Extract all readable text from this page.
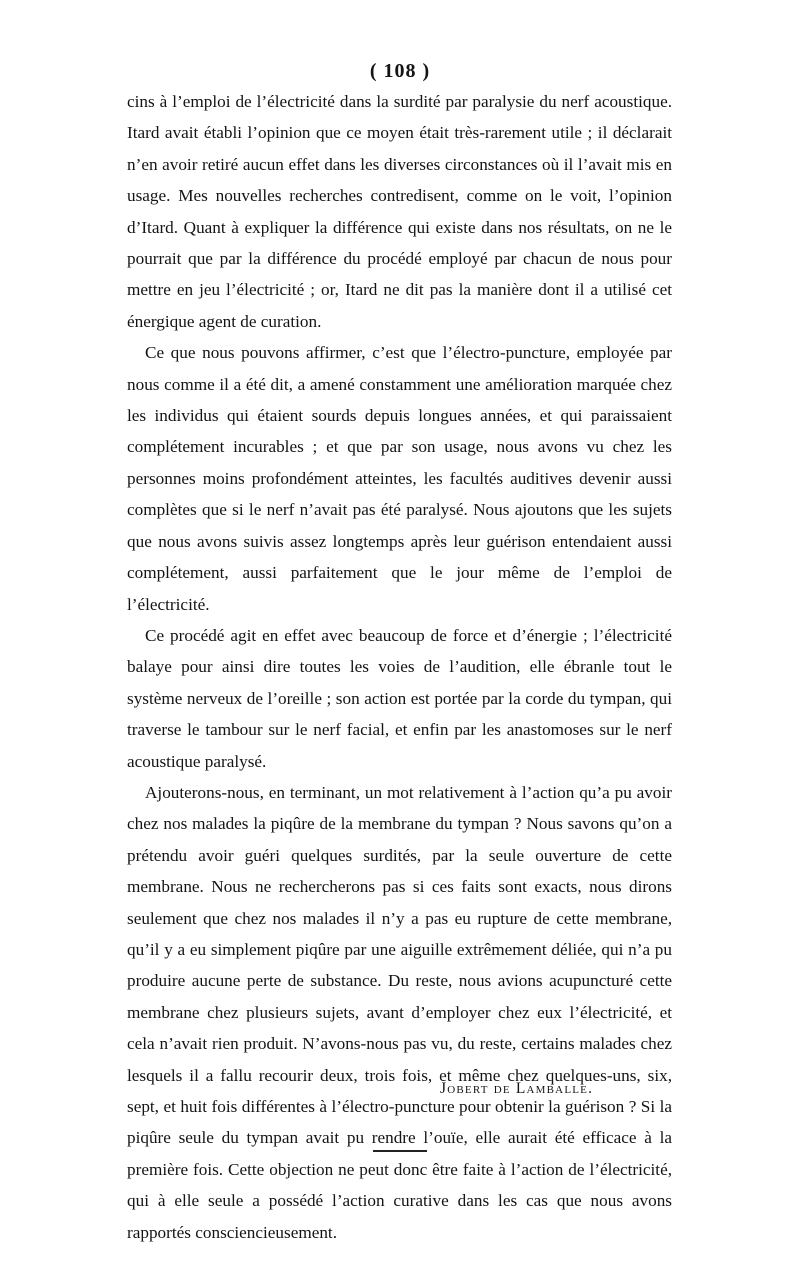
( 108 )

cins à l’emploi de l’électricité dans la surdité par paralysie du nerf acoustique. Itard avait établi l’opinion que ce moyen était très-rarement utile ; il déclarait n’en avoir retiré aucun effet dans les diverses circonstances où il l’avait mis en usage. Mes nouvelles recherches contredisent, comme on le voit, l’opinion d’Itard. Quant à expliquer la différence qui existe dans nos résultats, on ne le pourrait que par la différence du procédé employé par chacun de nous pour mettre en jeu l’électricité ; or, Itard ne dit pas la manière dont il a utilisé cet énergique agent de curation.

Ce que nous pouvons affirmer, c’est que l’électro-puncture, employée par nous comme il a été dit, a amené constamment une amélioration marquée chez les individus qui étaient sourds depuis longues années, et qui paraissaient complétement incurables ; et que par son usage, nous avons vu chez les personnes moins profondément atteintes, les facultés auditives devenir aussi complètes que si le nerf n’avait pas été paralysé. Nous ajoutons que les sujets que nous avons suivis assez longtemps après leur guérison entendaient aussi complétement, aussi parfaitement que le jour même de l’emploi de l’électricité.

Ce procédé agit en effet avec beaucoup de force et d’énergie ; l’électricité balaye pour ainsi dire toutes les voies de l’audition, elle ébranle tout le système nerveux de l’oreille ; son action est portée par la corde du tympan, qui traverse le tambour sur le nerf facial, et enfin par les anastomoses sur le nerf acoustique paralysé.

Ajouterons-nous, en terminant, un mot relativement à l’action qu’a pu avoir chez nos malades la piqûre de la membrane du tympan ? Nous savons qu’on a prétendu avoir guéri quelques surdités, par la seule ouverture de cette membrane. Nous ne rechercherons pas si ces faits sont exacts, nous dirons seulement que chez nos malades il n’y a pas eu rupture de cette membrane, qu’il y a eu simplement piqûre par une aiguille extrêmement déliée, qui n’a pu produire aucune perte de substance. Du reste, nous avions acupuncturé cette membrane chez plusieurs sujets, avant d’employer chez eux l’électricité, et cela n’avait rien produit. N’avons-nous pas vu, du reste, certains malades chez lesquels il a fallu recourir deux, trois fois, et même chez quelques-uns, six, sept, et huit fois différentes à l’électro-puncture pour obtenir la guérison ? Si la piqûre seule du tympan avait pu rendre l’ouïe, elle aurait été efficace à la première fois. Cette objection ne peut donc être faite à l’action de l’électricité, qui à elle seule a possédé l’action curative dans les cas que nous avons rapportés consciencieusement.

Jobert de Lamballe.
